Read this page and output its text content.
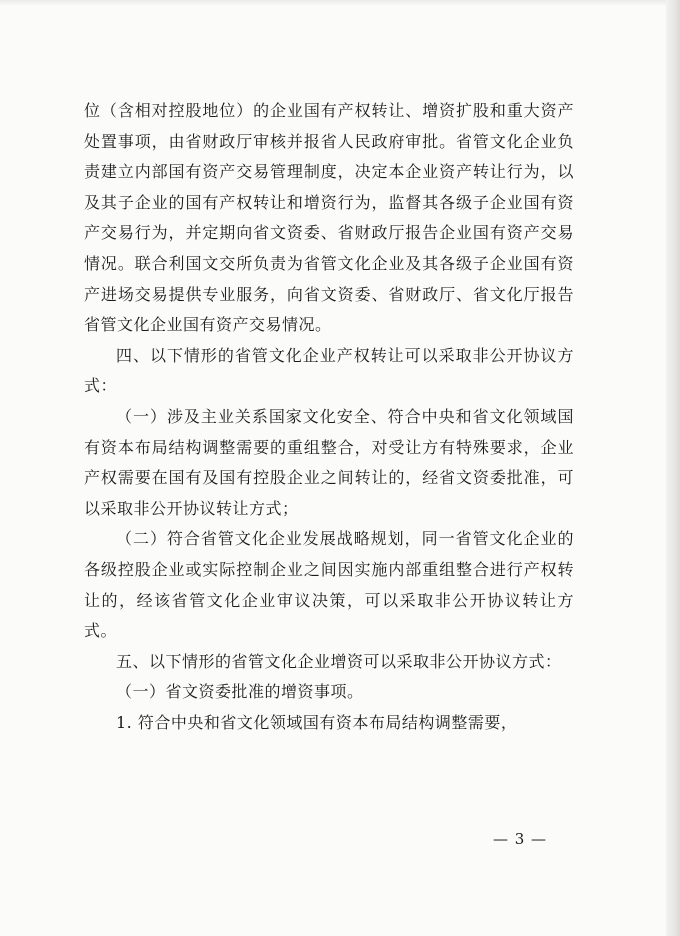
位（含相对控股地位）的企业国有产权转让、增资扩股和重大资产处置事项，由省财政厅审核并报省人民政府审批。省管文化企业负责建立内部国有资产交易管理制度，决定本企业资产转让行为，以及其子企业的国有产权转让和增资行为，监督其各级子企业国有资产交易行为，并定期向省文资委、省财政厅报告企业国有资产交易情况。联合利国文交所负责为省管文化企业及其各级子企业国有资产进场交易提供专业服务，向省文资委、省财政厅、省文化厅报告省管文化企业国有资产交易情况。

四、以下情形的省管文化企业产权转让可以采取非公开协议方式：

（一）涉及主业关系国家文化安全、符合中央和省文化领域国有资本布局结构调整需要的重组整合，对受让方有特殊要求，企业产权需要在国有及国有控股企业之间转让的，经省文资委批准，可以采取非公开协议转让方式；

（二）符合省管文化企业发展战略规划，同一省管文化企业的各级控股企业或实际控制企业之间因实施内部重组整合进行产权转让的，经该省管文化企业审议决策，可以采取非公开协议转让方式。

五、以下情形的省管文化企业增资可以采取非公开协议方式：

（一）省文资委批准的增资事项。

1. 符合中央和省文化领域国有资本布局结构调整需要，

— 3 —
